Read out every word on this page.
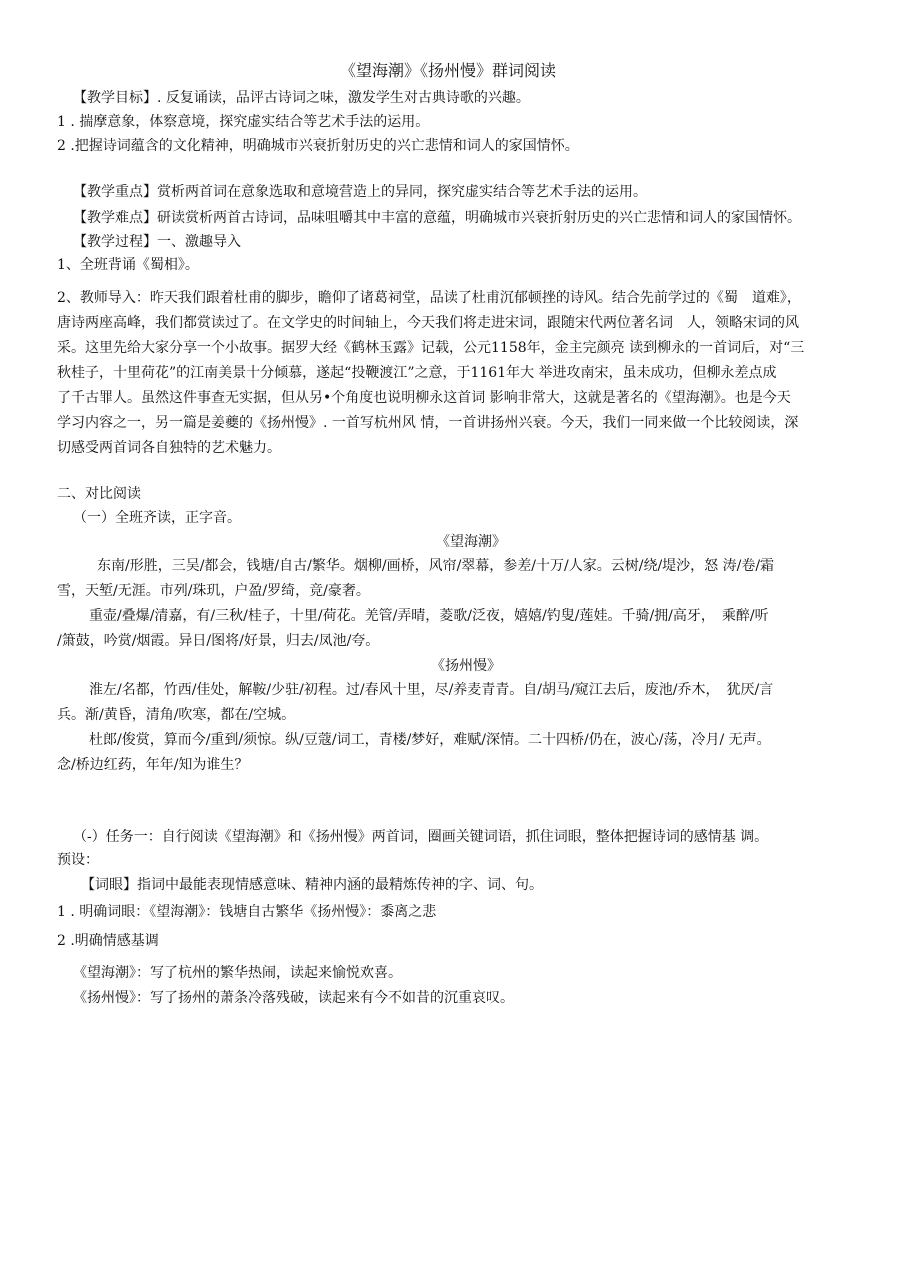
《望海潮》《扬州慢》群词阅读
【教学目标】. 反复诵读，品评古诗词之味，激发学生对古典诗歌的兴趣。
1 . 揣摩意象，体察意境，探究虚实结合等艺术手法的运用。
2 .把握诗词蕴含的文化精神，明确城市兴衰折射历史的兴亡悲情和词人的家国情怀。
【教学重点】赏析两首词在意象选取和意境营造上的异同，探究虚实结合等艺术手法的运用。
【教学难点】研读赏析两首古诗词，品味咀嚼其中丰富的意蕴，明确城市兴衰折射历史的兴亡悲情和词人的家国情怀。
【教学过程】一、激趣导入
1、全班背诵《蜀相》。
2、教师导入：昨天我们跟着杜甫的脚步，瞻仰了诸葛祠堂，品读了杜甫沉郁顿挫的诗风。结合先前学过的《蜀　道难》，
唐诗两座高峰，我们都赏读过了。在文学史的时间轴上，今天我们将走进宋词，跟随宋代两位著名词　人，领略宋词的风
采。这里先给大家分享一个小故事。据罗大经《鹤林玉露》记载，公元1158年，金主完颜亮 读到柳永的一首词后，对“三
秋桂子，十里荷花”的江南美景十分倾慕，遂起“投鞭渡江”之意，于1161年大 举进攻南宋，虽未成功，但柳永差点成
了千古罪人。虽然这件事查无实据，但从另•个角度也说明柳永这首词 影响非常大，这就是著名的《望海潮》。也是今天
学习内容之一，另一篇是姜夔的《扬州慢》. 一首写杭州风 情，一首讲扬州兴衰。今天，我们一同来做一个比较阅读，深
切感受两首词各自独特的艺术魅力。
二、对比阅读
（一）全班齐读，正字音。
《望海潮》
东南/形胜，三吴/都会，钱塘/自古/繁华。烟柳/画桥，风帘/翠幕，参差/十万/人家。云树/绕/堤沙，怒 涛/卷/霜
雪，天堑/无涯。市列/珠玑，户盈/罗绮，竞/豪奢。
重壶/叠爆/清嘉，有/三秋/桂子，十里/荷花。羌管/弄晴，菱歌/泛夜，嬉嬉/钓叟/莲娃。千骑/拥/高牙，　乘醉/听
/箫鼓，吟赏/烟霞。异日/图将/好景，归去/凤池/夸。
《扬州慢》
淮左/名都，竹西/佳处，解鞍/少驻/初程。过/春风十里，尽/养麦青青。自/胡马/窥江去后，废池/乔木，　犹厌/言
兵。渐/黄昏，清角/吹寒，都在/空城。
杜郎/俊赏，算而今/重到/须惊。纵/豆蔻/词工，青楼/梦好，难赋/深情。二十四桥/仍在，波心/荡，冷月/ 无声。
念/桥边红药，年年/知为谁生？
（-）任务一：自行阅读《望海潮》和《扬州慢》两首词，圈画关键词语，抓住词眼，整体把握诗词的感情基 调。
预设：
【词眼】指词中最能表现情感意味、精神内涵的最精炼传神的字、词、句。
1 . 明确词眼：《望海潮》：钱塘自古繁华《扬州慢》：黍离之悲
2 .明确情感基调
《望海潮》：写了杭州的繁华热闹，读起来愉悦欢喜。
《扬州慢》：写了扬州的萧条冷落残破，读起来有今不如昔的沉重哀叹。
